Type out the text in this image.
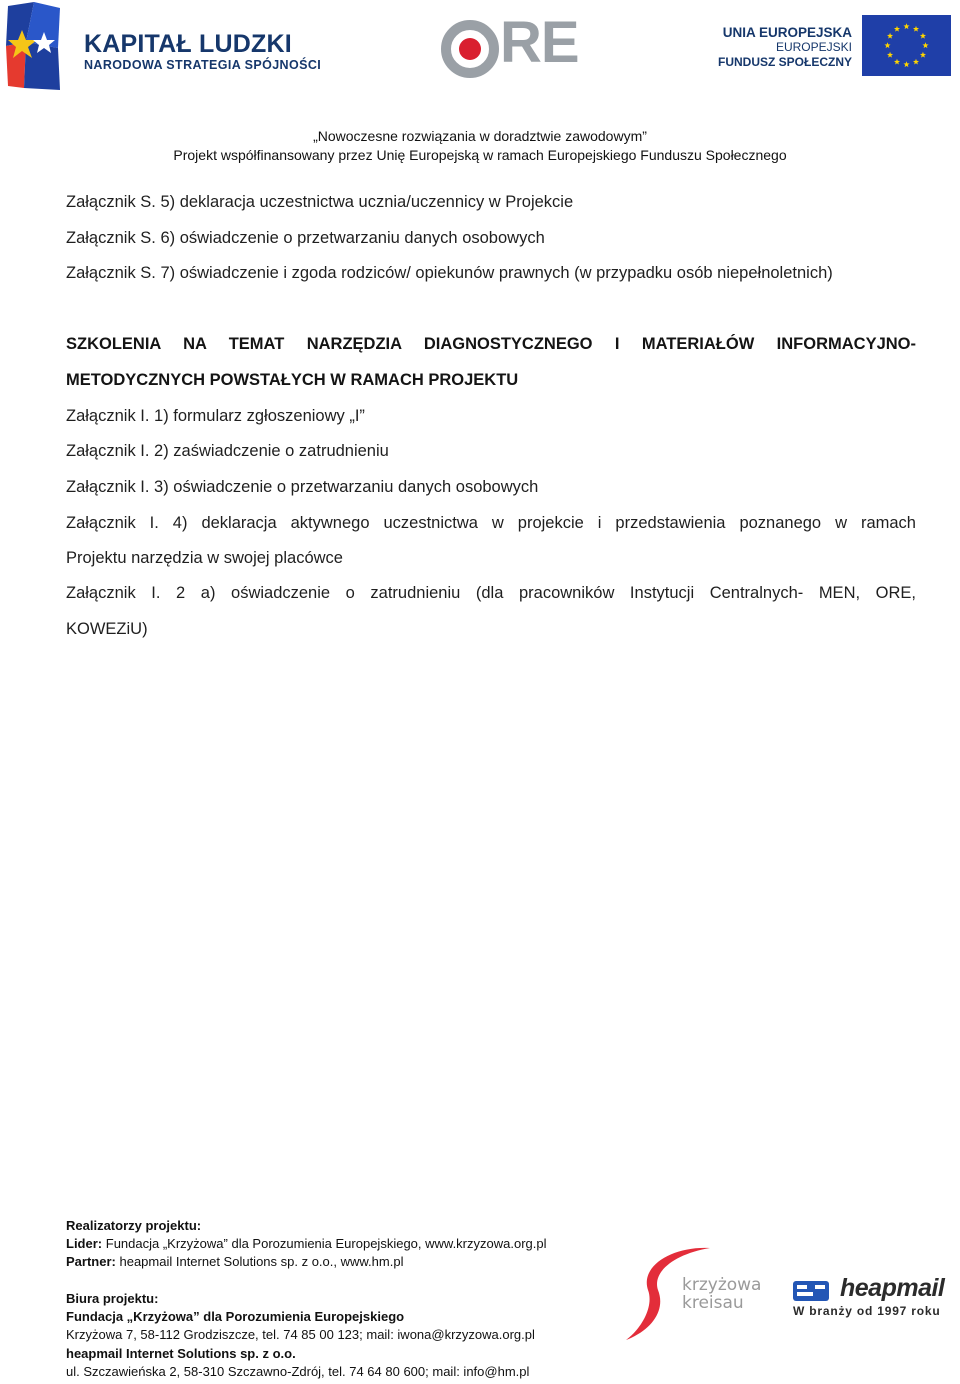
KAPITAŁ LUDZKI
NARODOWA STRATEGIA SPÓJNOŚCI	RE	UNIA EUROPEJSKA
EUROPEJSKI
FUNDUSZ SPOŁECZNY
„Nowoczesne rozwiązania w doradztwie zawodowym”
Projekt współfinansowany przez Unię Europejską w ramach Europejskiego Funduszu Społecznego
Załącznik S. 5) deklaracja uczestnictwa ucznia/uczennicy w Projekcie
Załącznik S. 6) oświadczenie o przetwarzaniu danych osobowych
Załącznik S. 7) oświadczenie i zgoda rodziców/ opiekunów prawnych (w przypadku osób niepełnoletnich)
SZKOLENIA NA TEMAT NARZĘDZIA DIAGNOSTYCZNEGO I MATERIAŁÓW INFORMACYJNO-
METODYCZNYCH POWSTAŁYCH W RAMACH PROJEKTU
Załącznik I. 1) formularz zgłoszeniowy „I”
Załącznik I. 2) zaświadczenie o zatrudnieniu
Załącznik I. 3) oświadczenie o przetwarzaniu danych osobowych
Załącznik I. 4) deklaracja aktywnego uczestnictwa w projekcie i przedstawienia poznanego w ramach
Projektu narzędzia w swojej placówce
Załącznik I. 2 a) oświadczenie o zatrudnieniu (dla pracowników Instytucji Centralnych- MEN, ORE,
KOWEZiU)
Realizatorzy projektu:
Lider: Fundacja „Krzyżowa” dla Porozumienia Europejskiego, www.krzyzowa.org.pl
Partner: heapmail Internet Solutions sp. z o.o., www.hm.pl
Biura projektu:
Fundacja „Krzyżowa” dla Porozumienia Europejskiego
Krzyżowa 7, 58-112 Grodziszcze, tel. 74 85 00 123; mail: iwona@krzyzowa.org.pl
heapmail Internet Solutions sp. z o.o.
ul. Szczawieńska 2, 58-310 Szczawno-Zdrój, tel. 74 64 80 600; mail: info@hm.pl
krzyżowa
kreisau
heapmail
W branży od 1997 roku
